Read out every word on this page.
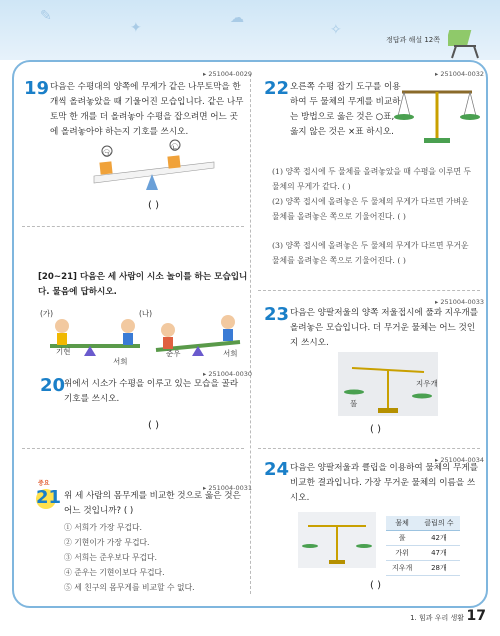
✎
✦
☁
✧
정답과 해설 12쪽
▸ 251004-0029
19 다음은 수평대의 양쪽에 무게가 같은 나무토막을 한 개씩 올려놓았을 때 기울어진 모습입니다. 같은 나무토막 한 개를 더 올려놓아 수평을 잡으려면 어느 곳에 올려놓아야 하는지 기호를 쓰시오.
㉠
㉡
( )
[20~21] 다음은 세 사람이 시소 놀이를 하는 모습입니다. 물음에 답하시오.
(가)	(나)
기현
서희
준우	서희
▸ 251004-0030
20
위에서 시소가 수평을 이루고 있는 모습을 골라 기호를 쓰시오.
( )
▸ 251004-0031
중요
21 위 세 사람의 몸무게를 비교한 것으로 옳은 것은 어느 것입니까? ( )
① 서희가 가장 무겁다.
② 기현이가 가장 무겁다.
③ 서희는 준우보다 무겁다.
④ 준우는 기현이보다 무겁다.
⑤ 세 친구의 몸무게를 비교할 수 없다.
▸ 251004-0032
22 오른쪽 수평 잡기 도구를 이용하여 두 물체의 무게를 비교하는 방법으로 옳은 것은 ○표, 옳지 않은 것은 ×표 하시오.
(1) 양쪽 접시에 두 물체를 올려놓았을 때 수평을 이루면 두 물체의 무게가 같다. ( )
(2) 양쪽 접시에 올려놓은 두 물체의 무게가 다르면 가벼운 물체를 올려놓은 쪽으로 기울어진다. ( )
(3) 양쪽 접시에 올려놓은 두 물체의 무게가 다르면 무거운 물체를 올려놓은 쪽으로 기울어진다. ( )
▸ 251004-0033
23 다음은 양팔저울의 양쪽 저울접시에 풀과 지우개를 올려놓은 모습입니다. 더 무거운 물체는 어느 것인지 쓰시오.
풀
지우개
( )
▸ 251004-0034
24 다음은 양팔저울과 클립을 이용하여 물체의 무게를 비교한 결과입니다. 가장 무거운 물체의 이름을 쓰시오.
물체	클립의 수
풀	42개
가위	47개
지우개	28개
( )
1. 힘과 우리 생활 17
